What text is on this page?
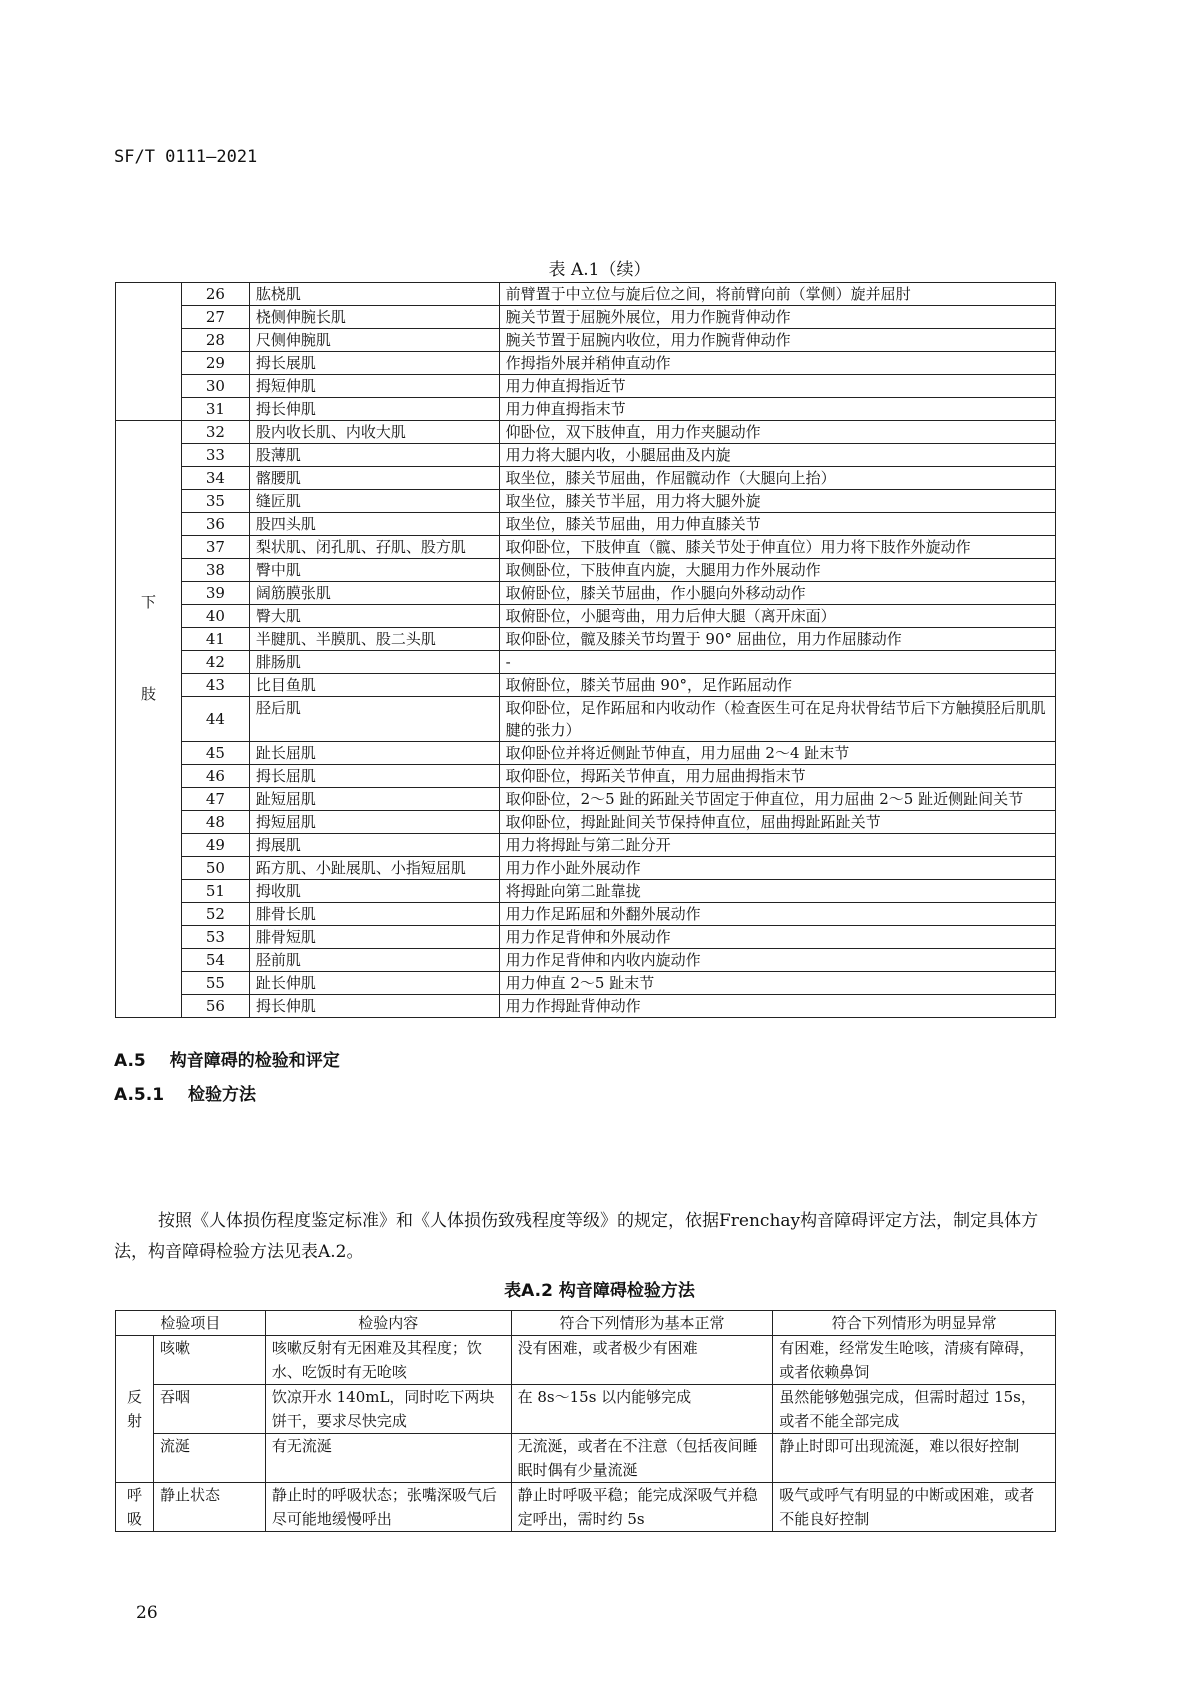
SF/T 0111—2021
表 A.1（续）
	26	肱桡肌	前臂置于中立位与旋后位之间，将前臂向前（掌侧）旋并屈肘
	27	桡侧伸腕长肌	腕关节置于屈腕外展位，用力作腕背伸动作
	28	尺侧伸腕肌	腕关节置于屈腕内收位，用力作腕背伸动作
	29	拇长展肌	作拇指外展并稍伸直动作
	30	拇短伸肌	用力伸直拇指近节
	31	拇长伸肌	用力伸直拇指末节
下
肢	32	股内收长肌、内收大肌	仰卧位，双下肢伸直，用力作夹腿动作
	33	股薄肌	用力将大腿内收，小腿屈曲及内旋
	34	髂腰肌	取坐位，膝关节屈曲，作屈髋动作（大腿向上抬）
	35	缝匠肌	取坐位，膝关节半屈，用力将大腿外旋
	36	股四头肌	取坐位，膝关节屈曲，用力伸直膝关节
	37	梨状肌、闭孔肌、孖肌、股方肌	取仰卧位，下肢伸直（髋、膝关节处于伸直位）用力将下肢作外旋动作
	38	臀中肌	取侧卧位，下肢伸直内旋，大腿用力作外展动作
	39	阔筋膜张肌	取俯卧位，膝关节屈曲，作小腿向外移动动作
	40	臀大肌	取俯卧位，小腿弯曲，用力后伸大腿（离开床面）
	41	半腱肌、半膜肌、股二头肌	取仰卧位，髋及膝关节均置于 90° 屈曲位，用力作屈膝动作
	42	腓肠肌	-
	43	比目鱼肌	取俯卧位，膝关节屈曲 90°，足作跖屈动作
	44	胫后肌	取仰卧位，足作跖屈和内收动作（检查医生可在足舟状骨结节后下方触摸胫后肌肌腱的张力）
	45	趾长屈肌	取仰卧位并将近侧趾节伸直，用力屈曲 2～4 趾末节
	46	拇长屈肌	取仰卧位，拇跖关节伸直，用力屈曲拇指末节
	47	趾短屈肌	取仰卧位，2～5 趾的跖趾关节固定于伸直位，用力屈曲 2～5 趾近侧趾间关节
	48	拇短屈肌	取仰卧位，拇趾趾间关节保持伸直位，屈曲拇趾跖趾关节
	49	拇展肌	用力将拇趾与第二趾分开
	50	跖方肌、小趾展肌、小指短屈肌	用力作小趾外展动作
	51	拇收肌	将拇趾向第二趾靠拢
	52	腓骨长肌	用力作足跖屈和外翻外展动作
	53	腓骨短肌	用力作足背伸和外展动作
	54	胫前肌	用力作足背伸和内收内旋动作
	55	趾长伸肌	用力伸直 2～5 趾末节
	56	拇长伸肌	用力作拇趾背伸动作
A.5 构音障碍的检验和评定
A.5.1 检验方法
按照《人体损伤程度鉴定标准》和《人体损伤致残程度等级》的规定，依据Frenchay构音障碍评定方法，制定具体方法，构音障碍检验方法见表A.2。
表A.2 构音障碍检验方法
检验项目		检验内容	符合下列情形为基本正常	符合下列情形为明显异常
反
射	咳嗽	咳嗽反射有无困难及其程度；饮水、吃饭时有无呛咳	没有困难，或者极少有困难	有困难，经常发生呛咳，清痰有障碍，或者依赖鼻饲
	吞咽	饮凉开水 140mL，同时吃下两块饼干，要求尽快完成	在 8s～15s 以内能够完成	虽然能够勉强完成，但需时超过 15s，或者不能全部完成
	流涎	有无流涎	无流涎，或者在不注意（包括夜间睡眠时偶有少量流涎	静止时即可出现流涎，难以很好控制
呼
吸	静止状态	静止时的呼吸状态；张嘴深吸气后尽可能地缓慢呼出	静止时呼吸平稳；能完成深吸气并稳定呼出，需时约 5s	吸气或呼气有明显的中断或困难，或者不能良好控制
26
